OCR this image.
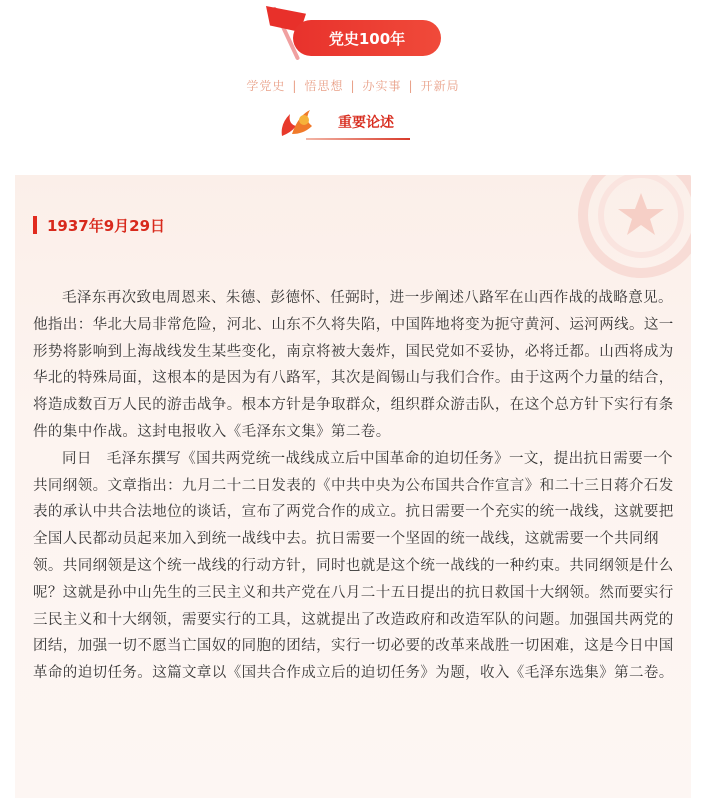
党史100年
学党史 | 悟思想 | 办实事 | 开新局
重要论述
1937年9月29日

毛泽东再次致电周恩来、朱德、彭德怀、任弼时，进一步阐述八路军在山西作战的战略意见。他指出：华北大局非常危险，河北、山东不久将失陷，中国阵地将变为扼守黄河、运河两线。这一形势将影响到上海战线发生某些变化，南京将被大轰炸，国民党如不妥协，必将迁都。山西将成为华北的特殊局面，这根本的是因为有八路军，其次是阎锡山与我们合作。由于这两个力量的结合，将造成数百万人民的游击战争。根本方针是争取群众，组织群众游击队，在这个总方针下实行有条件的集中作战。这封电报收入《毛泽东文集》第二卷。

同日　毛泽东撰写《国共两党统一战线成立后中国革命的迫切任务》一文，提出抗日需要一个共同纲领。文章指出：九月二十二日发表的《中共中央为公布国共合作宣言》和二十三日蒋介石发表的承认中共合法地位的谈话，宣布了两党合作的成立。抗日需要一个充实的统一战线，这就要把全国人民都动员起来加入到统一战线中去。抗日需要一个坚固的统一战线，这就需要一个共同纲领。共同纲领是这个统一战线的行动方针，同时也就是这个统一战线的一种约束。共同纲领是什么呢？这就是孙中山先生的三民主义和共产党在八月二十五日提出的抗日救国十大纲领。然而要实行三民主义和十大纲领，需要实行的工具，这就提出了改造政府和改造军队的问题。加强国共两党的团结，加强一切不愿当亡国奴的同胞的团结，实行一切必要的改革来战胜一切困难，这是今日中国革命的迫切任务。这篇文章以《国共合作成立后的迫切任务》为题，收入《毛泽东选集》第二卷。
